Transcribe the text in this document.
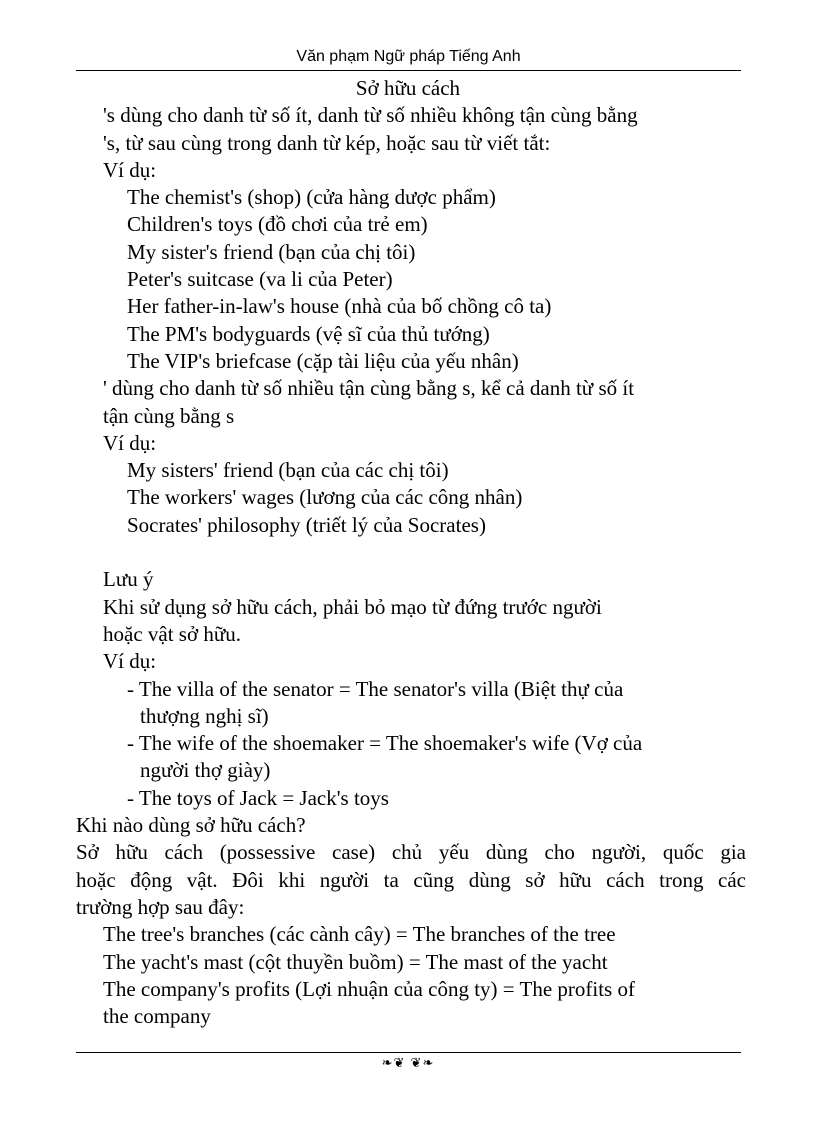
Văn phạm Ngữ pháp Tiếng Anh
Sở hữu cách
's dùng cho danh từ số ít, danh từ số nhiều không tận cùng bằng
's, từ sau cùng trong danh từ kép, hoặc sau từ viết tắt:
Ví dụ:
The chemist's (shop) (cửa hàng dược phẩm)
Children's toys (đồ chơi của trẻ em)
My sister's friend (bạn của chị tôi)
Peter's suitcase (va li của Peter)
Her father-in-law's house (nhà của bố chồng cô ta)
The PM's bodyguards (vệ sĩ của thủ tướng)
The VIP's briefcase (cặp tài liệu của yếu nhân)
' dùng cho danh từ số nhiều tận cùng bằng s, kể cả danh từ số ít
tận cùng bằng s
Ví dụ:
My sisters' friend (bạn của các chị tôi)
The workers' wages (lương của các công nhân)
Socrates' philosophy (triết lý của Socrates)
Lưu ý
Khi sử dụng sở hữu cách, phải bỏ mạo từ đứng trước người
hoặc vật sở hữu.
Ví dụ:
- The villa of the senator = The senator's villa (Biệt thự của
thượng nghị sĩ)
- The wife of the shoemaker = The shoemaker's wife (Vợ của
người thợ giày)
- The toys of Jack = Jack's toys
Khi nào dùng sở hữu cách?
Sở hữu cách (possessive case) chủ yếu dùng cho người, quốc gia
hoặc động vật. Đôi khi người ta cũng dùng sở hữu cách trong các
trường hợp sau đây:
The tree's branches (các cành cây) = The branches of the tree
The yacht's mast (cột thuyền buồm) = The mast of the yacht
The company's profits (Lợi nhuận của công ty) = The profits of
the company
❧❦ ❦❧
